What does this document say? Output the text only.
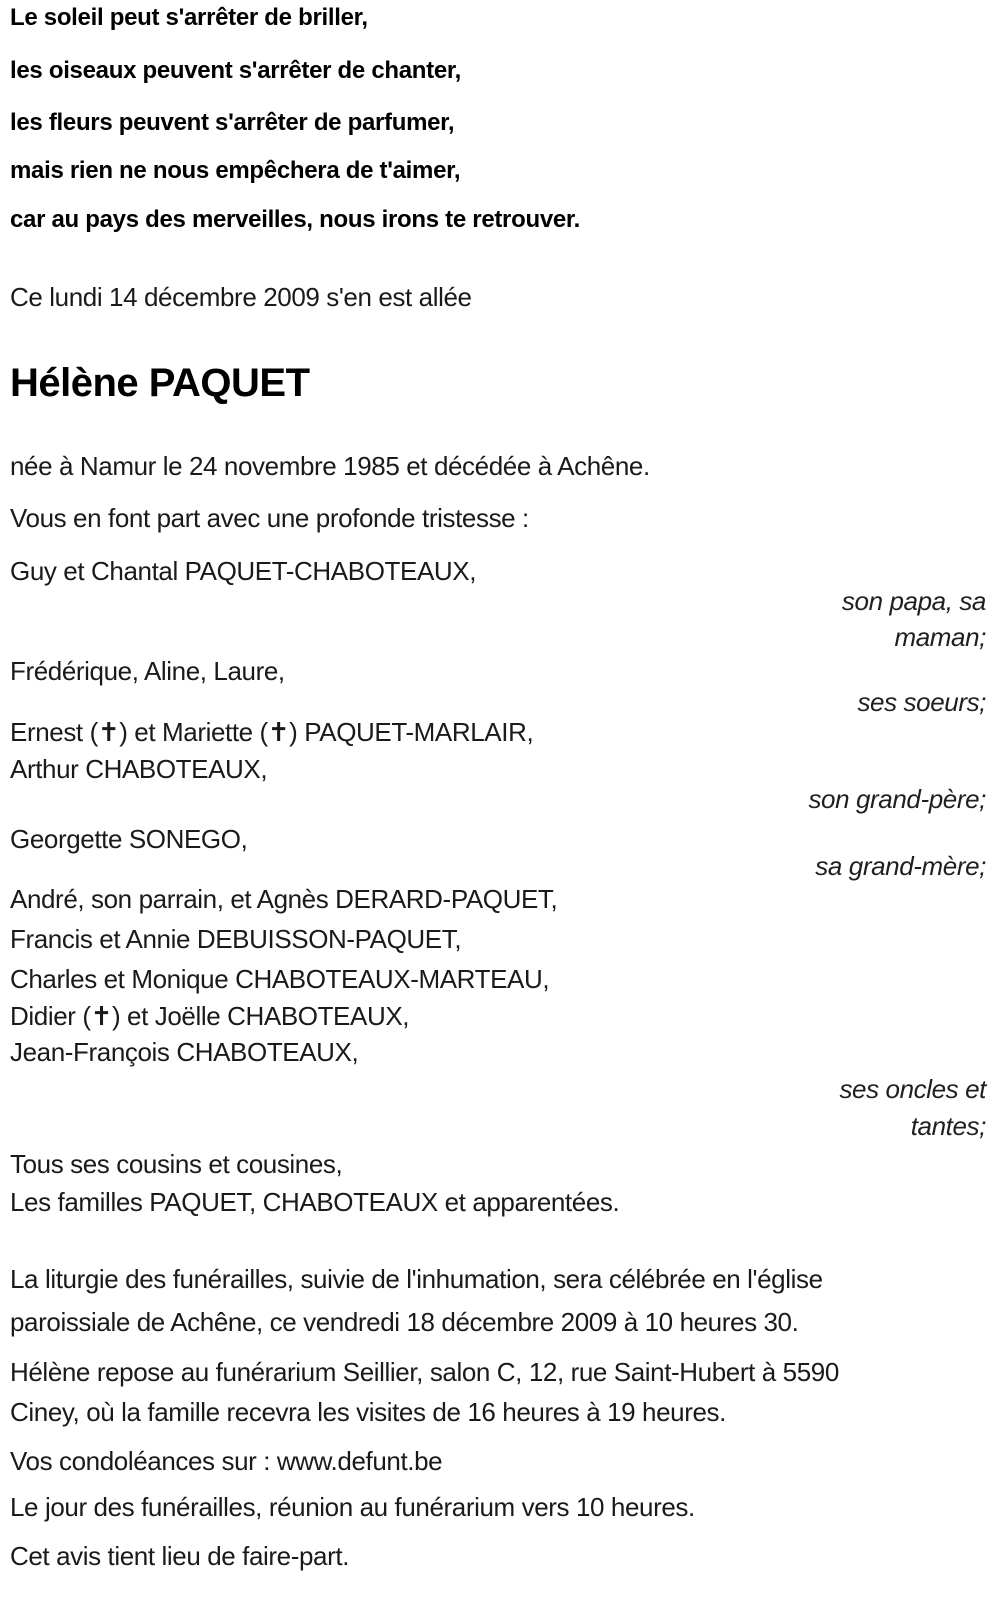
Le soleil peut s'arrêter de briller,
les oiseaux peuvent s'arrêter de chanter,
les fleurs peuvent s'arrêter de parfumer,
mais rien ne nous empêchera de t'aimer,
car au pays des merveilles, nous irons te retrouver.
Ce lundi 14 décembre 2009 s'en est allée
Hélène PAQUET
née à Namur le 24 novembre 1985 et décédée à Achêne.
Vous en font part avec une profonde tristesse :
Guy et Chantal PAQUET-CHABOTEAUX,
son papa, sa
maman;
Frédérique, Aline, Laure,
ses soeurs;
Ernest (✝) et Mariette (✝) PAQUET-MARLAIR,
Arthur CHABOTEAUX,
son grand-père;
Georgette SONEGO,
sa grand-mère;
André, son parrain, et Agnès DERARD-PAQUET,
Francis et Annie DEBUISSON-PAQUET,
Charles et Monique CHABOTEAUX-MARTEAU,
Didier (✝) et Joëlle CHABOTEAUX,
Jean-François CHABOTEAUX,
ses oncles et
tantes;
Tous ses cousins et cousines,
Les familles PAQUET, CHABOTEAUX et apparentées.
La liturgie des funérailles, suivie de l'inhumation, sera célébrée en l'église
paroissiale de Achêne, ce vendredi 18 décembre 2009 à 10 heures 30.
Hélène repose au funérarium Seillier, salon C, 12, rue Saint-Hubert à 5590
Ciney, où la famille recevra les visites de 16 heures à 19 heures.
Vos condoléances sur : www.defunt.be
Le jour des funérailles, réunion au funérarium vers 10 heures.
Cet avis tient lieu de faire-part.
